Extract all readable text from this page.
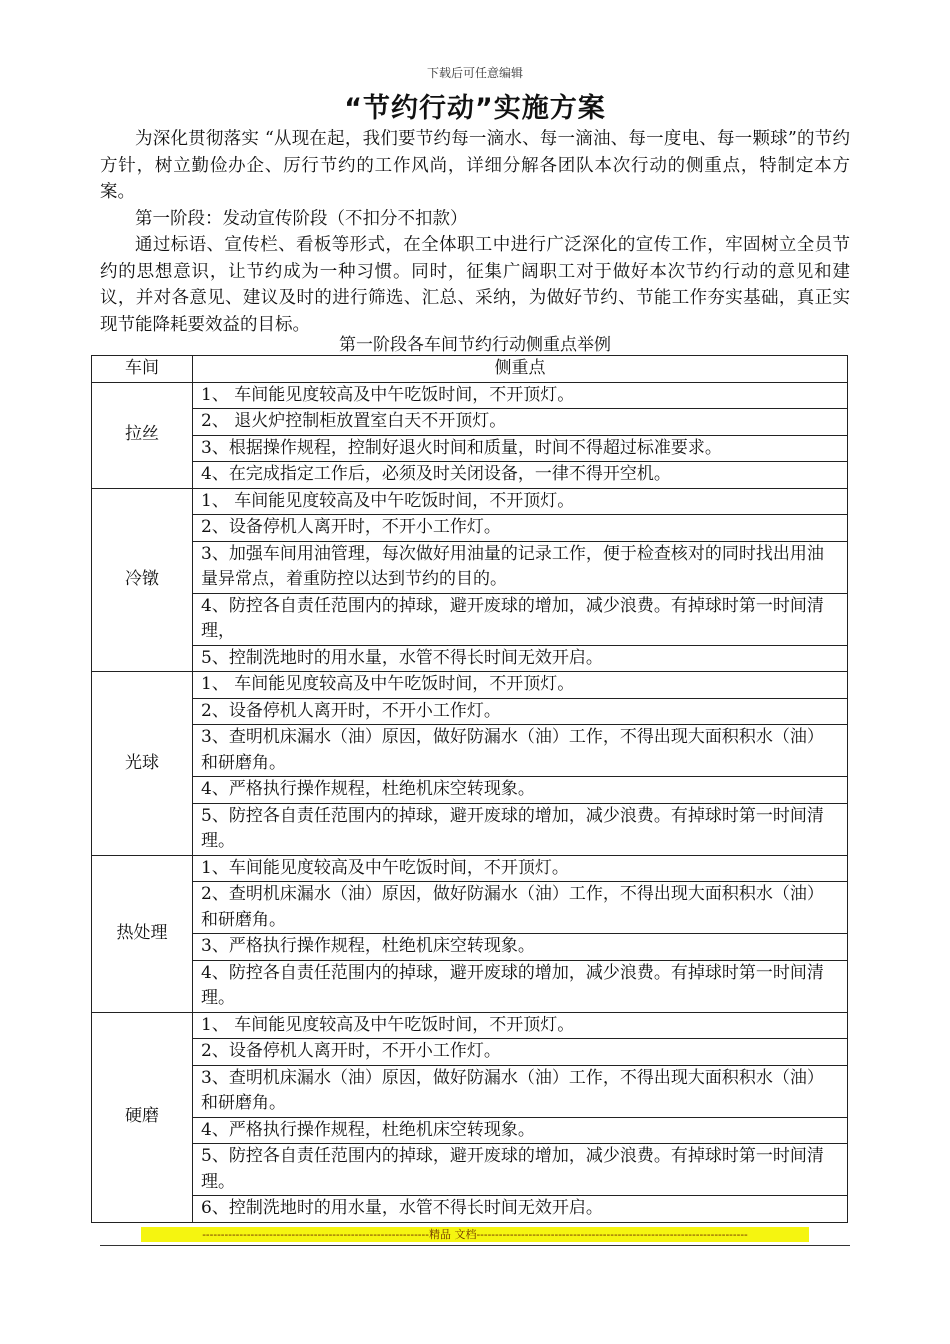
下载后可任意编辑
“节约行动”实施方案

为深化贯彻落实 “从现在起，我们要节约每一滴水、每一滴油、每一度电、每一颗球”的节约方针，树立勤俭办企、厉行节约的工作风尚，详细分解各团队本次行动的侧重点，特制定本方案。

第一阶段：发动宣传阶段（不扣分不扣款）

通过标语、宣传栏、看板等形式，在全体职工中进行广泛深化的宣传工作，牢固树立全员节约的思想意识，让节约成为一种习惯。同时，征集广阔职工对于做好本次节约行动的意见和建议，并对各意见、建议及时的进行筛选、汇总、采纳，为做好节约、节能工作夯实基础，真正实现节能降耗要效益的目标。

第一阶段各车间节约行动侧重点举例
车间	侧重点
拉丝	1、 车间能见度较高及中午吃饭时间，不开顶灯。
	2、 退火炉控制柜放置室白天不开顶灯。
	3、根据操作规程，控制好退火时间和质量，时间不得超过标准要求。
	4、在完成指定工作后，必须及时关闭设备，一律不得开空机。
冷镦	1、 车间能见度较高及中午吃饭时间，不开顶灯。
	2、设备停机人离开时，不开小工作灯。
	3、加强车间用油管理，每次做好用油量的记录工作，便于检查核对的同时找出用油量异常点，着重防控以达到节约的目的。
	4、防控各自责任范围内的掉球，避开废球的增加，减少浪费。有掉球时第一时间清理，
	5、控制洗地时的用水量，水管不得长时间无效开启。
光球	1、 车间能见度较高及中午吃饭时间，不开顶灯。
	2、设备停机人离开时，不开小工作灯。
	3、查明机床漏水（油）原因，做好防漏水（油）工作，不得出现大面积积水（油）和研磨角。
	4、严格执行操作规程，杜绝机床空转现象。
	5、防控各自责任范围内的掉球，避开废球的增加，减少浪费。有掉球时第一时间清理。
热处理	1、车间能见度较高及中午吃饭时间，不开顶灯。
	2、查明机床漏水（油）原因，做好防漏水（油）工作，不得出现大面积积水（油）和研磨角。
	3、严格执行操作规程，杜绝机床空转现象。
	4、防控各自责任范围内的掉球，避开废球的增加，减少浪费。有掉球时第一时间清理。
硬磨	1、 车间能见度较高及中午吃饭时间，不开顶灯。
	2、设备停机人离开时，不开小工作灯。
	3、查明机床漏水（油）原因，做好防漏水（油）工作，不得出现大面积积水（油）和研磨角。
	4、严格执行操作规程，杜绝机床空转现象。
	5、防控各自责任范围内的掉球，避开废球的增加，减少浪费。有掉球时第一时间清理。
	6、控制洗地时的用水量，水管不得长时间无效开启。
-------------------------------------------------------------精品 文档-------------------------------------------------------------------------
